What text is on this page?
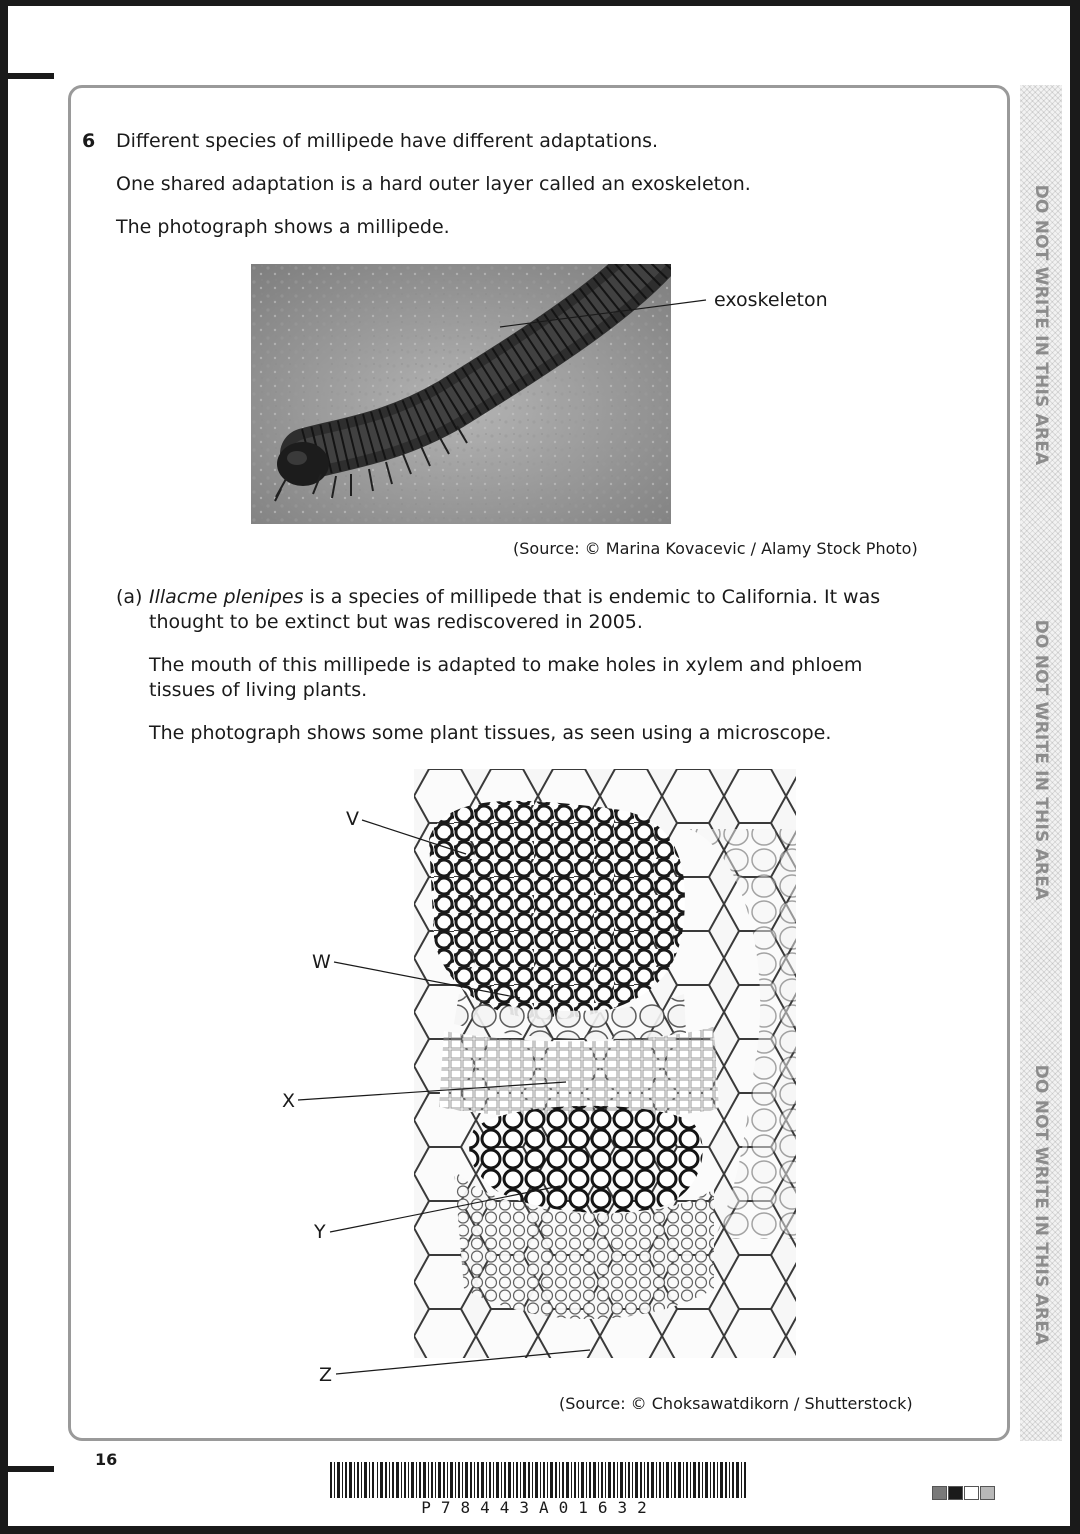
DO NOT WRITE IN THIS AREA
DO NOT WRITE IN THIS AREA
DO NOT WRITE IN THIS AREA
6 Different species of millipede have different adaptations.
One shared adaptation is a hard outer layer called an exoskeleton.
The photograph shows a millipede.
exoskeleton
(Source: © Marina Kovacevic / Alamy Stock Photo)
(a) Illacme plenipes is a species of millipede that is endemic to California. It was
thought to be extinct but was rediscovered in 2005.
The mouth of this millipede is adapted to make holes in xylem and phloem
tissues of living plants.
The photograph shows some plant tissues, as seen using a microscope.
V
W
X
Y
Z
(Source: © Choksawatdikorn / Shutterstock)
16
P78443A01632
